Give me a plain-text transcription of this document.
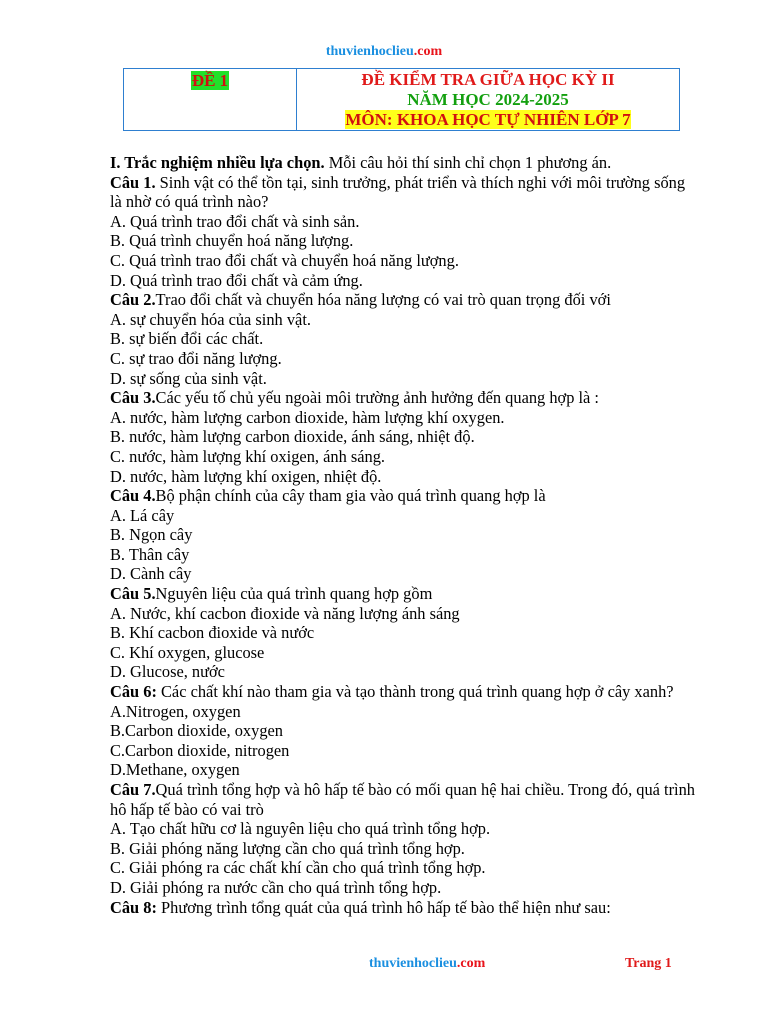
thuvienhoclieu.com
ĐỀ 1	ĐỀ KIỂM TRA GIỮA HỌC KỲ II
NĂM HỌC 2024-2025
MÔN: KHOA HỌC TỰ NHIÊN LỚP 7

I. Trắc nghiệm nhiều lựa chọn. Mỗi câu hỏi thí sinh chỉ chọn 1 phương án.

Câu 1. Sinh vật có thể tồn tại, sinh trưởng, phát triển và thích nghi với môi trường sống là nhờ có quá trình nào?

A. Quá trình trao đổi chất và sinh sản.

B. Quá trình chuyển hoá năng lượng.

C. Quá trình trao đổi chất và chuyển hoá năng lượng.

D. Quá trình trao đổi chất và cảm ứng.

Câu 2.Trao đổi chất và chuyển hóa năng lượng có vai trò quan trọng đối với

A. sự chuyển hóa của sinh vật.

B. sự biến đổi các chất.

C. sự trao đổi năng lượng.

D. sự sống của sinh vật.

Câu 3.Các yếu tố chủ yếu ngoài môi trường ảnh hưởng đến quang hợp là :

A. nước, hàm lượng carbon dioxide, hàm lượng khí oxygen.

B. nước, hàm lượng carbon dioxide, ánh sáng, nhiệt độ.

C. nước, hàm lượng khí oxigen, ánh sáng.

D. nước, hàm lượng khí oxigen, nhiệt độ.

Câu 4.Bộ phận chính của cây tham gia vào quá trình quang hợp là

A. Lá cây

B. Ngọn cây

B. Thân cây

D. Cành cây

Câu 5.Nguyên liệu của quá trình quang hợp gồm

A. Nước, khí cacbon đioxide và năng lượng ánh sáng

B. Khí cacbon đioxide và nước

C. Khí oxygen, glucose

D. Glucose, nước

Câu 6: Các chất khí nào tham gia và tạo thành trong quá trình quang hợp ở cây xanh?

A.Nitrogen, oxygen

B.Carbon dioxide, oxygen

C.Carbon dioxide, nitrogen

D.Methane, oxygen

Câu 7.Quá trình tổng hợp và hô hấp tế bào có mối quan hệ hai chiều. Trong đó, quá trình hô hấp tế bào có vai trò

A. Tạo chất hữu cơ là nguyên liệu cho quá trình tổng hợp.

B. Giải phóng năng lượng cần cho quá trình tổng hợp.

C. Giải phóng ra các chất khí cần cho quá trình tổng hợp.

D. Giải phóng ra nước cần cho quá trình tổng hợp.

Câu 8: Phương trình tổng quát của quá trình hô hấp tế bào thể hiện như sau:

thuvienhoclieu.com	Trang 1
